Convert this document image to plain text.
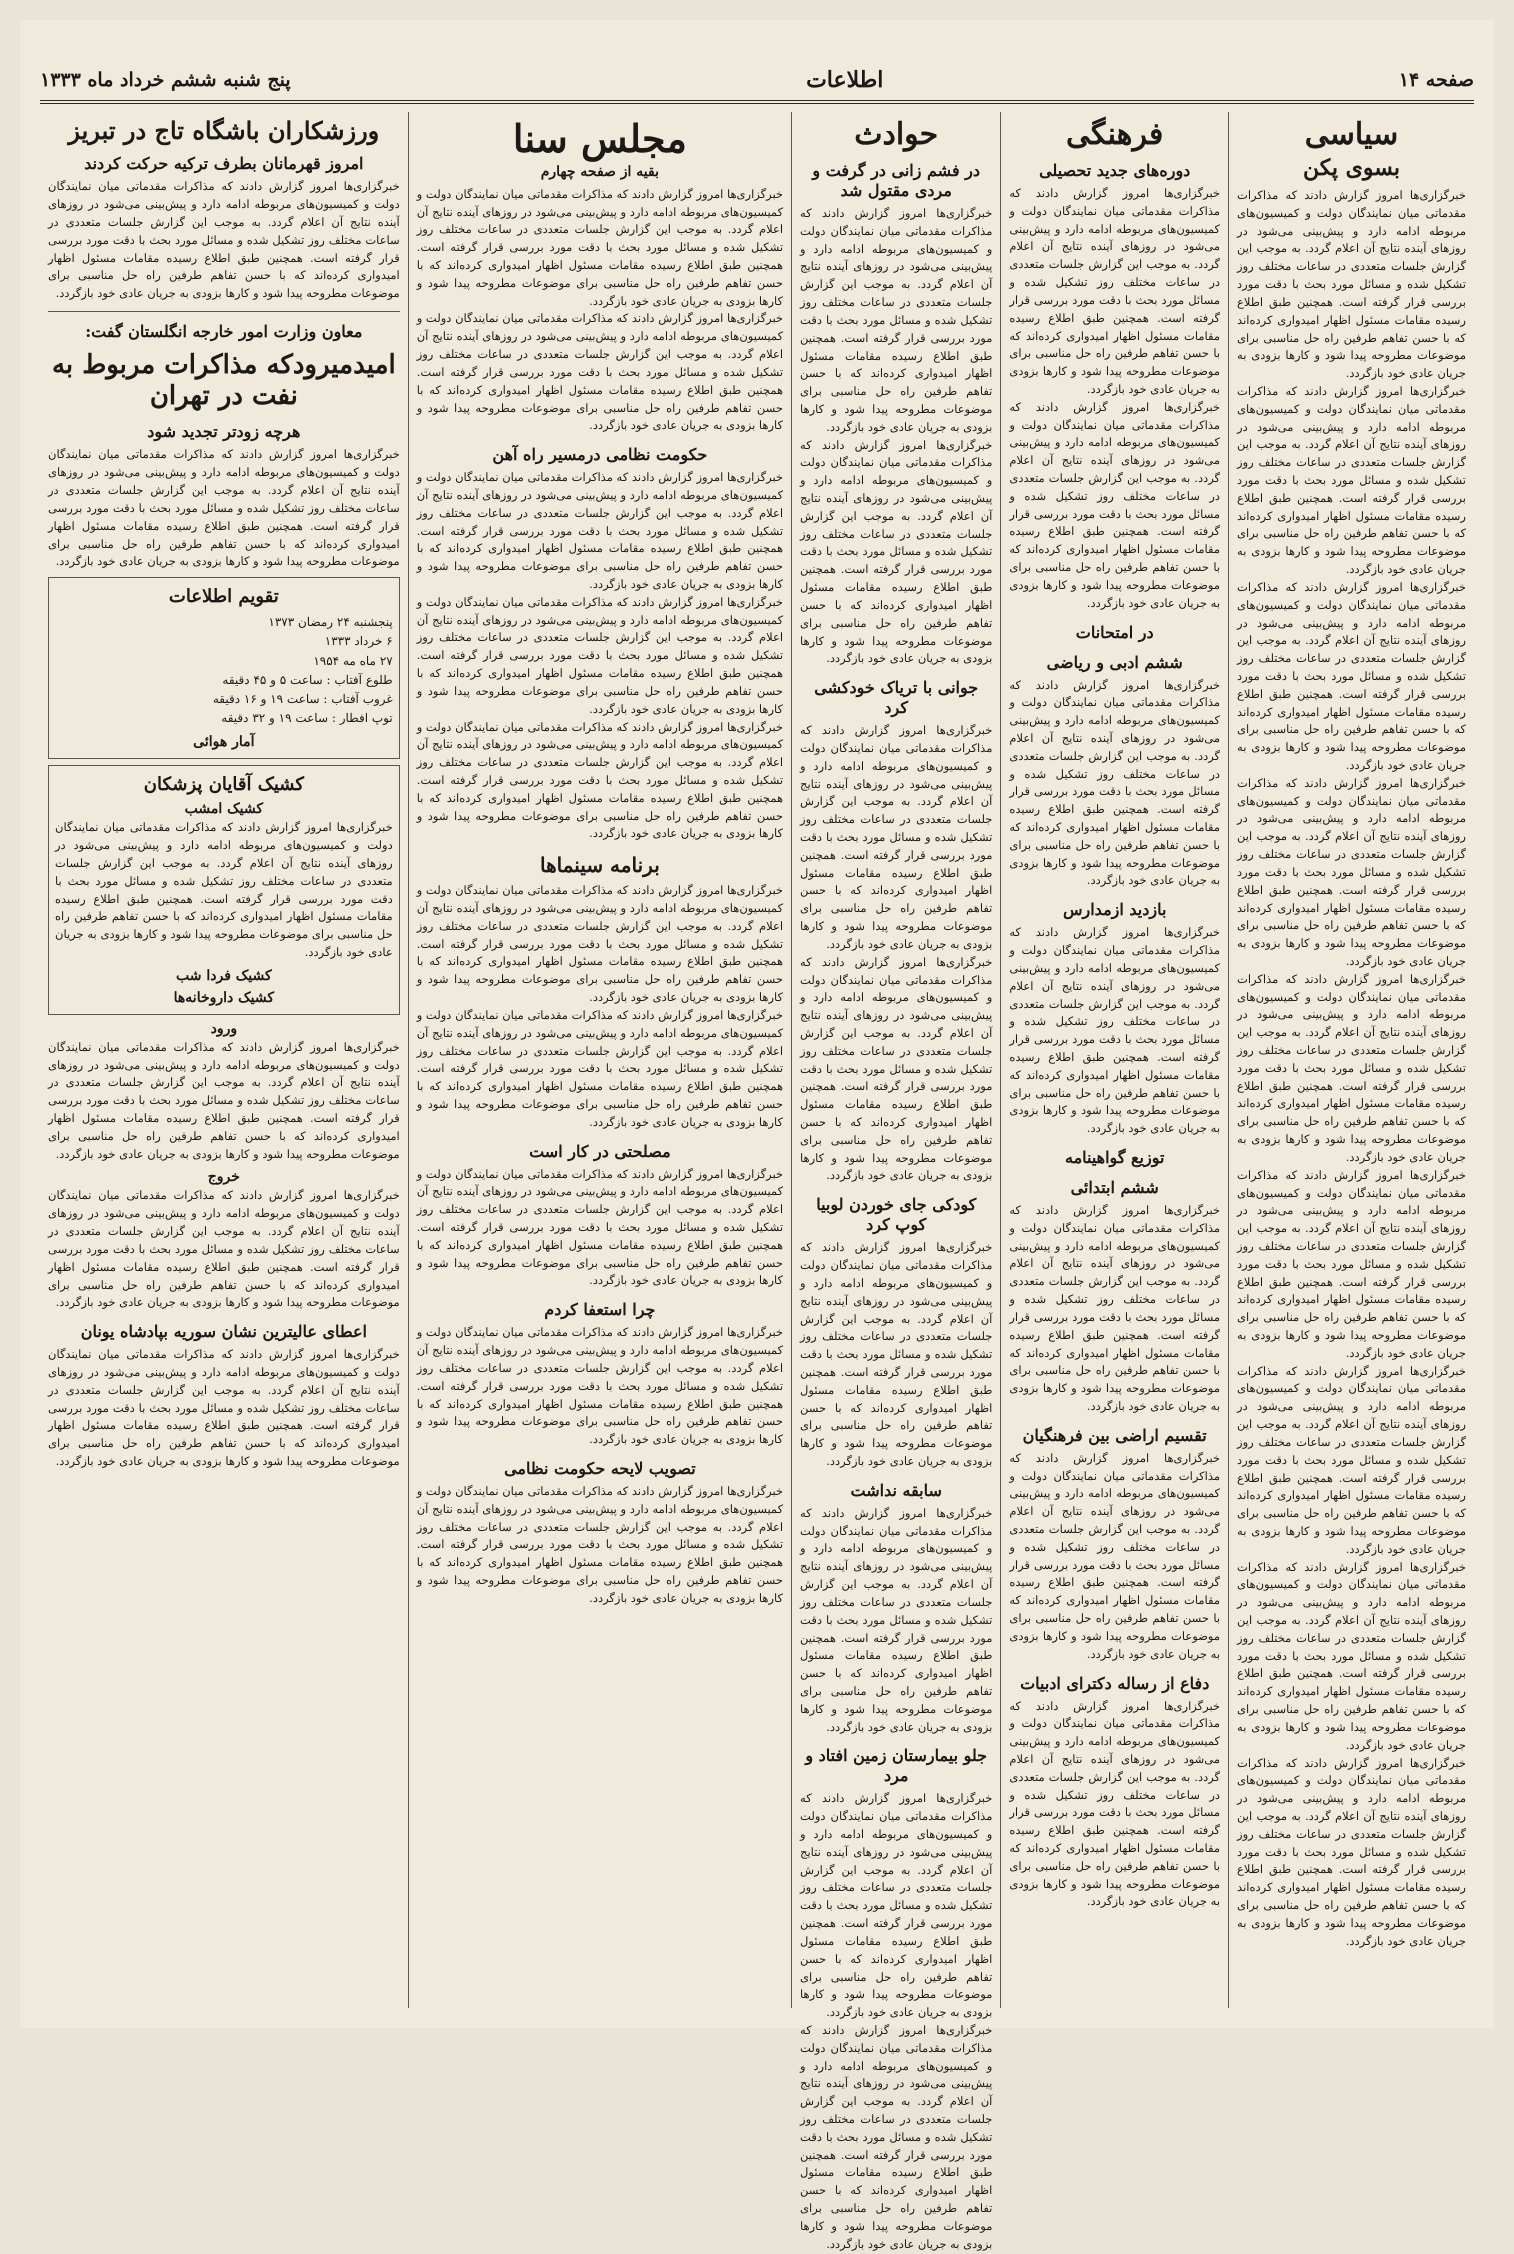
صفحه ۱۴
اطلاعات
پنج شنبه ششم خرداد ماه ۱۳۳۳
سیاسی
بسوی پکن
خبرگزاری‌ها امروز گزارش دادند که مذاکرات مقدماتی میان نمایندگان دولت و کمیسیون‌های مربوطه ادامه دارد و پیش‌بینی می‌شود در روزهای آینده نتایج آن اعلام گردد. به موجب این گزارش جلسات متعددی در ساعات مختلف روز تشکیل شده و مسائل مورد بحث با دقت مورد بررسی قرار گرفته است. همچنین طبق اطلاع رسیده مقامات مسئول اظهار امیدواری کرده‌اند که با حسن تفاهم طرفین راه حل مناسبی برای موضوعات مطروحه پیدا شود و کارها بزودی به جریان عادی خود بازگردد.
خبرگزاری‌ها امروز گزارش دادند که مذاکرات مقدماتی میان نمایندگان دولت و کمیسیون‌های مربوطه ادامه دارد و پیش‌بینی می‌شود در روزهای آینده نتایج آن اعلام گردد. به موجب این گزارش جلسات متعددی در ساعات مختلف روز تشکیل شده و مسائل مورد بحث با دقت مورد بررسی قرار گرفته است. همچنین طبق اطلاع رسیده مقامات مسئول اظهار امیدواری کرده‌اند که با حسن تفاهم طرفین راه حل مناسبی برای موضوعات مطروحه پیدا شود و کارها بزودی به جریان عادی خود بازگردد.
خبرگزاری‌ها امروز گزارش دادند که مذاکرات مقدماتی میان نمایندگان دولت و کمیسیون‌های مربوطه ادامه دارد و پیش‌بینی می‌شود در روزهای آینده نتایج آن اعلام گردد. به موجب این گزارش جلسات متعددی در ساعات مختلف روز تشکیل شده و مسائل مورد بحث با دقت مورد بررسی قرار گرفته است. همچنین طبق اطلاع رسیده مقامات مسئول اظهار امیدواری کرده‌اند که با حسن تفاهم طرفین راه حل مناسبی برای موضوعات مطروحه پیدا شود و کارها بزودی به جریان عادی خود بازگردد.
خبرگزاری‌ها امروز گزارش دادند که مذاکرات مقدماتی میان نمایندگان دولت و کمیسیون‌های مربوطه ادامه دارد و پیش‌بینی می‌شود در روزهای آینده نتایج آن اعلام گردد. به موجب این گزارش جلسات متعددی در ساعات مختلف روز تشکیل شده و مسائل مورد بحث با دقت مورد بررسی قرار گرفته است. همچنین طبق اطلاع رسیده مقامات مسئول اظهار امیدواری کرده‌اند که با حسن تفاهم طرفین راه حل مناسبی برای موضوعات مطروحه پیدا شود و کارها بزودی به جریان عادی خود بازگردد.
خبرگزاری‌ها امروز گزارش دادند که مذاکرات مقدماتی میان نمایندگان دولت و کمیسیون‌های مربوطه ادامه دارد و پیش‌بینی می‌شود در روزهای آینده نتایج آن اعلام گردد. به موجب این گزارش جلسات متعددی در ساعات مختلف روز تشکیل شده و مسائل مورد بحث با دقت مورد بررسی قرار گرفته است. همچنین طبق اطلاع رسیده مقامات مسئول اظهار امیدواری کرده‌اند که با حسن تفاهم طرفین راه حل مناسبی برای موضوعات مطروحه پیدا شود و کارها بزودی به جریان عادی خود بازگردد.
خبرگزاری‌ها امروز گزارش دادند که مذاکرات مقدماتی میان نمایندگان دولت و کمیسیون‌های مربوطه ادامه دارد و پیش‌بینی می‌شود در روزهای آینده نتایج آن اعلام گردد. به موجب این گزارش جلسات متعددی در ساعات مختلف روز تشکیل شده و مسائل مورد بحث با دقت مورد بررسی قرار گرفته است. همچنین طبق اطلاع رسیده مقامات مسئول اظهار امیدواری کرده‌اند که با حسن تفاهم طرفین راه حل مناسبی برای موضوعات مطروحه پیدا شود و کارها بزودی به جریان عادی خود بازگردد.
خبرگزاری‌ها امروز گزارش دادند که مذاکرات مقدماتی میان نمایندگان دولت و کمیسیون‌های مربوطه ادامه دارد و پیش‌بینی می‌شود در روزهای آینده نتایج آن اعلام گردد. به موجب این گزارش جلسات متعددی در ساعات مختلف روز تشکیل شده و مسائل مورد بحث با دقت مورد بررسی قرار گرفته است. همچنین طبق اطلاع رسیده مقامات مسئول اظهار امیدواری کرده‌اند که با حسن تفاهم طرفین راه حل مناسبی برای موضوعات مطروحه پیدا شود و کارها بزودی به جریان عادی خود بازگردد.
خبرگزاری‌ها امروز گزارش دادند که مذاکرات مقدماتی میان نمایندگان دولت و کمیسیون‌های مربوطه ادامه دارد و پیش‌بینی می‌شود در روزهای آینده نتایج آن اعلام گردد. به موجب این گزارش جلسات متعددی در ساعات مختلف روز تشکیل شده و مسائل مورد بحث با دقت مورد بررسی قرار گرفته است. همچنین طبق اطلاع رسیده مقامات مسئول اظهار امیدواری کرده‌اند که با حسن تفاهم طرفین راه حل مناسبی برای موضوعات مطروحه پیدا شود و کارها بزودی به جریان عادی خود بازگردد.
خبرگزاری‌ها امروز گزارش دادند که مذاکرات مقدماتی میان نمایندگان دولت و کمیسیون‌های مربوطه ادامه دارد و پیش‌بینی می‌شود در روزهای آینده نتایج آن اعلام گردد. به موجب این گزارش جلسات متعددی در ساعات مختلف روز تشکیل شده و مسائل مورد بحث با دقت مورد بررسی قرار گرفته است. همچنین طبق اطلاع رسیده مقامات مسئول اظهار امیدواری کرده‌اند که با حسن تفاهم طرفین راه حل مناسبی برای موضوعات مطروحه پیدا شود و کارها بزودی به جریان عادی خود بازگردد.
فرهنگی
دوره‌های جدید تحصیلی
خبرگزاری‌ها امروز گزارش دادند که مذاکرات مقدماتی میان نمایندگان دولت و کمیسیون‌های مربوطه ادامه دارد و پیش‌بینی می‌شود در روزهای آینده نتایج آن اعلام گردد. به موجب این گزارش جلسات متعددی در ساعات مختلف روز تشکیل شده و مسائل مورد بحث با دقت مورد بررسی قرار گرفته است. همچنین طبق اطلاع رسیده مقامات مسئول اظهار امیدواری کرده‌اند که با حسن تفاهم طرفین راه حل مناسبی برای موضوعات مطروحه پیدا شود و کارها بزودی به جریان عادی خود بازگردد.
خبرگزاری‌ها امروز گزارش دادند که مذاکرات مقدماتی میان نمایندگان دولت و کمیسیون‌های مربوطه ادامه دارد و پیش‌بینی می‌شود در روزهای آینده نتایج آن اعلام گردد. به موجب این گزارش جلسات متعددی در ساعات مختلف روز تشکیل شده و مسائل مورد بحث با دقت مورد بررسی قرار گرفته است. همچنین طبق اطلاع رسیده مقامات مسئول اظهار امیدواری کرده‌اند که با حسن تفاهم طرفین راه حل مناسبی برای موضوعات مطروحه پیدا شود و کارها بزودی به جریان عادی خود بازگردد.
در امتحانات
ششم ادبی و ریاضی
خبرگزاری‌ها امروز گزارش دادند که مذاکرات مقدماتی میان نمایندگان دولت و کمیسیون‌های مربوطه ادامه دارد و پیش‌بینی می‌شود در روزهای آینده نتایج آن اعلام گردد. به موجب این گزارش جلسات متعددی در ساعات مختلف روز تشکیل شده و مسائل مورد بحث با دقت مورد بررسی قرار گرفته است. همچنین طبق اطلاع رسیده مقامات مسئول اظهار امیدواری کرده‌اند که با حسن تفاهم طرفین راه حل مناسبی برای موضوعات مطروحه پیدا شود و کارها بزودی به جریان عادی خود بازگردد.
بازدید ازمدارس
خبرگزاری‌ها امروز گزارش دادند که مذاکرات مقدماتی میان نمایندگان دولت و کمیسیون‌های مربوطه ادامه دارد و پیش‌بینی می‌شود در روزهای آینده نتایج آن اعلام گردد. به موجب این گزارش جلسات متعددی در ساعات مختلف روز تشکیل شده و مسائل مورد بحث با دقت مورد بررسی قرار گرفته است. همچنین طبق اطلاع رسیده مقامات مسئول اظهار امیدواری کرده‌اند که با حسن تفاهم طرفین راه حل مناسبی برای موضوعات مطروحه پیدا شود و کارها بزودی به جریان عادی خود بازگردد.
توزیع گواهینامه
ششم ابتدائی
خبرگزاری‌ها امروز گزارش دادند که مذاکرات مقدماتی میان نمایندگان دولت و کمیسیون‌های مربوطه ادامه دارد و پیش‌بینی می‌شود در روزهای آینده نتایج آن اعلام گردد. به موجب این گزارش جلسات متعددی در ساعات مختلف روز تشکیل شده و مسائل مورد بحث با دقت مورد بررسی قرار گرفته است. همچنین طبق اطلاع رسیده مقامات مسئول اظهار امیدواری کرده‌اند که با حسن تفاهم طرفین راه حل مناسبی برای موضوعات مطروحه پیدا شود و کارها بزودی به جریان عادی خود بازگردد.
تقسیم اراضی بین فرهنگیان
خبرگزاری‌ها امروز گزارش دادند که مذاکرات مقدماتی میان نمایندگان دولت و کمیسیون‌های مربوطه ادامه دارد و پیش‌بینی می‌شود در روزهای آینده نتایج آن اعلام گردد. به موجب این گزارش جلسات متعددی در ساعات مختلف روز تشکیل شده و مسائل مورد بحث با دقت مورد بررسی قرار گرفته است. همچنین طبق اطلاع رسیده مقامات مسئول اظهار امیدواری کرده‌اند که با حسن تفاهم طرفین راه حل مناسبی برای موضوعات مطروحه پیدا شود و کارها بزودی به جریان عادی خود بازگردد.
دفاع از رساله دکترای ادبیات
خبرگزاری‌ها امروز گزارش دادند که مذاکرات مقدماتی میان نمایندگان دولت و کمیسیون‌های مربوطه ادامه دارد و پیش‌بینی می‌شود در روزهای آینده نتایج آن اعلام گردد. به موجب این گزارش جلسات متعددی در ساعات مختلف روز تشکیل شده و مسائل مورد بحث با دقت مورد بررسی قرار گرفته است. همچنین طبق اطلاع رسیده مقامات مسئول اظهار امیدواری کرده‌اند که با حسن تفاهم طرفین راه حل مناسبی برای موضوعات مطروحه پیدا شود و کارها بزودی به جریان عادی خود بازگردد.
حوادث
در فشم زانی در گرفت و مردی مقتول شد
خبرگزاری‌ها امروز گزارش دادند که مذاکرات مقدماتی میان نمایندگان دولت و کمیسیون‌های مربوطه ادامه دارد و پیش‌بینی می‌شود در روزهای آینده نتایج آن اعلام گردد. به موجب این گزارش جلسات متعددی در ساعات مختلف روز تشکیل شده و مسائل مورد بحث با دقت مورد بررسی قرار گرفته است. همچنین طبق اطلاع رسیده مقامات مسئول اظهار امیدواری کرده‌اند که با حسن تفاهم طرفین راه حل مناسبی برای موضوعات مطروحه پیدا شود و کارها بزودی به جریان عادی خود بازگردد.
خبرگزاری‌ها امروز گزارش دادند که مذاکرات مقدماتی میان نمایندگان دولت و کمیسیون‌های مربوطه ادامه دارد و پیش‌بینی می‌شود در روزهای آینده نتایج آن اعلام گردد. به موجب این گزارش جلسات متعددی در ساعات مختلف روز تشکیل شده و مسائل مورد بحث با دقت مورد بررسی قرار گرفته است. همچنین طبق اطلاع رسیده مقامات مسئول اظهار امیدواری کرده‌اند که با حسن تفاهم طرفین راه حل مناسبی برای موضوعات مطروحه پیدا شود و کارها بزودی به جریان عادی خود بازگردد.
جوانی با تریاک خودکشی کرد
خبرگزاری‌ها امروز گزارش دادند که مذاکرات مقدماتی میان نمایندگان دولت و کمیسیون‌های مربوطه ادامه دارد و پیش‌بینی می‌شود در روزهای آینده نتایج آن اعلام گردد. به موجب این گزارش جلسات متعددی در ساعات مختلف روز تشکیل شده و مسائل مورد بحث با دقت مورد بررسی قرار گرفته است. همچنین طبق اطلاع رسیده مقامات مسئول اظهار امیدواری کرده‌اند که با حسن تفاهم طرفین راه حل مناسبی برای موضوعات مطروحه پیدا شود و کارها بزودی به جریان عادی خود بازگردد.
خبرگزاری‌ها امروز گزارش دادند که مذاکرات مقدماتی میان نمایندگان دولت و کمیسیون‌های مربوطه ادامه دارد و پیش‌بینی می‌شود در روزهای آینده نتایج آن اعلام گردد. به موجب این گزارش جلسات متعددی در ساعات مختلف روز تشکیل شده و مسائل مورد بحث با دقت مورد بررسی قرار گرفته است. همچنین طبق اطلاع رسیده مقامات مسئول اظهار امیدواری کرده‌اند که با حسن تفاهم طرفین راه حل مناسبی برای موضوعات مطروحه پیدا شود و کارها بزودی به جریان عادی خود بازگردد.
کودکی جای خوردن لوبیا کوپ کرد
خبرگزاری‌ها امروز گزارش دادند که مذاکرات مقدماتی میان نمایندگان دولت و کمیسیون‌های مربوطه ادامه دارد و پیش‌بینی می‌شود در روزهای آینده نتایج آن اعلام گردد. به موجب این گزارش جلسات متعددی در ساعات مختلف روز تشکیل شده و مسائل مورد بحث با دقت مورد بررسی قرار گرفته است. همچنین طبق اطلاع رسیده مقامات مسئول اظهار امیدواری کرده‌اند که با حسن تفاهم طرفین راه حل مناسبی برای موضوعات مطروحه پیدا شود و کارها بزودی به جریان عادی خود بازگردد.
سابقه نداشت
خبرگزاری‌ها امروز گزارش دادند که مذاکرات مقدماتی میان نمایندگان دولت و کمیسیون‌های مربوطه ادامه دارد و پیش‌بینی می‌شود در روزهای آینده نتایج آن اعلام گردد. به موجب این گزارش جلسات متعددی در ساعات مختلف روز تشکیل شده و مسائل مورد بحث با دقت مورد بررسی قرار گرفته است. همچنین طبق اطلاع رسیده مقامات مسئول اظهار امیدواری کرده‌اند که با حسن تفاهم طرفین راه حل مناسبی برای موضوعات مطروحه پیدا شود و کارها بزودی به جریان عادی خود بازگردد.
جلو بیمارستان زمین افتاد و مرد
خبرگزاری‌ها امروز گزارش دادند که مذاکرات مقدماتی میان نمایندگان دولت و کمیسیون‌های مربوطه ادامه دارد و پیش‌بینی می‌شود در روزهای آینده نتایج آن اعلام گردد. به موجب این گزارش جلسات متعددی در ساعات مختلف روز تشکیل شده و مسائل مورد بحث با دقت مورد بررسی قرار گرفته است. همچنین طبق اطلاع رسیده مقامات مسئول اظهار امیدواری کرده‌اند که با حسن تفاهم طرفین راه حل مناسبی برای موضوعات مطروحه پیدا شود و کارها بزودی به جریان عادی خود بازگردد.
خبرگزاری‌ها امروز گزارش دادند که مذاکرات مقدماتی میان نمایندگان دولت و کمیسیون‌های مربوطه ادامه دارد و پیش‌بینی می‌شود در روزهای آینده نتایج آن اعلام گردد. به موجب این گزارش جلسات متعددی در ساعات مختلف روز تشکیل شده و مسائل مورد بحث با دقت مورد بررسی قرار گرفته است. همچنین طبق اطلاع رسیده مقامات مسئول اظهار امیدواری کرده‌اند که با حسن تفاهم طرفین راه حل مناسبی برای موضوعات مطروحه پیدا شود و کارها بزودی به جریان عادی خود بازگردد.
مجلس سنا
بقیه از صفحه چهارم
خبرگزاری‌ها امروز گزارش دادند که مذاکرات مقدماتی میان نمایندگان دولت و کمیسیون‌های مربوطه ادامه دارد و پیش‌بینی می‌شود در روزهای آینده نتایج آن اعلام گردد. به موجب این گزارش جلسات متعددی در ساعات مختلف روز تشکیل شده و مسائل مورد بحث با دقت مورد بررسی قرار گرفته است. همچنین طبق اطلاع رسیده مقامات مسئول اظهار امیدواری کرده‌اند که با حسن تفاهم طرفین راه حل مناسبی برای موضوعات مطروحه پیدا شود و کارها بزودی به جریان عادی خود بازگردد.
خبرگزاری‌ها امروز گزارش دادند که مذاکرات مقدماتی میان نمایندگان دولت و کمیسیون‌های مربوطه ادامه دارد و پیش‌بینی می‌شود در روزهای آینده نتایج آن اعلام گردد. به موجب این گزارش جلسات متعددی در ساعات مختلف روز تشکیل شده و مسائل مورد بحث با دقت مورد بررسی قرار گرفته است. همچنین طبق اطلاع رسیده مقامات مسئول اظهار امیدواری کرده‌اند که با حسن تفاهم طرفین راه حل مناسبی برای موضوعات مطروحه پیدا شود و کارها بزودی به جریان عادی خود بازگردد.
حکومت نظامی درمسیر راه آهن
خبرگزاری‌ها امروز گزارش دادند که مذاکرات مقدماتی میان نمایندگان دولت و کمیسیون‌های مربوطه ادامه دارد و پیش‌بینی می‌شود در روزهای آینده نتایج آن اعلام گردد. به موجب این گزارش جلسات متعددی در ساعات مختلف روز تشکیل شده و مسائل مورد بحث با دقت مورد بررسی قرار گرفته است. همچنین طبق اطلاع رسیده مقامات مسئول اظهار امیدواری کرده‌اند که با حسن تفاهم طرفین راه حل مناسبی برای موضوعات مطروحه پیدا شود و کارها بزودی به جریان عادی خود بازگردد.
خبرگزاری‌ها امروز گزارش دادند که مذاکرات مقدماتی میان نمایندگان دولت و کمیسیون‌های مربوطه ادامه دارد و پیش‌بینی می‌شود در روزهای آینده نتایج آن اعلام گردد. به موجب این گزارش جلسات متعددی در ساعات مختلف روز تشکیل شده و مسائل مورد بحث با دقت مورد بررسی قرار گرفته است. همچنین طبق اطلاع رسیده مقامات مسئول اظهار امیدواری کرده‌اند که با حسن تفاهم طرفین راه حل مناسبی برای موضوعات مطروحه پیدا شود و کارها بزودی به جریان عادی خود بازگردد.
خبرگزاری‌ها امروز گزارش دادند که مذاکرات مقدماتی میان نمایندگان دولت و کمیسیون‌های مربوطه ادامه دارد و پیش‌بینی می‌شود در روزهای آینده نتایج آن اعلام گردد. به موجب این گزارش جلسات متعددی در ساعات مختلف روز تشکیل شده و مسائل مورد بحث با دقت مورد بررسی قرار گرفته است. همچنین طبق اطلاع رسیده مقامات مسئول اظهار امیدواری کرده‌اند که با حسن تفاهم طرفین راه حل مناسبی برای موضوعات مطروحه پیدا شود و کارها بزودی به جریان عادی خود بازگردد.
برنامه سینماها
خبرگزاری‌ها امروز گزارش دادند که مذاکرات مقدماتی میان نمایندگان دولت و کمیسیون‌های مربوطه ادامه دارد و پیش‌بینی می‌شود در روزهای آینده نتایج آن اعلام گردد. به موجب این گزارش جلسات متعددی در ساعات مختلف روز تشکیل شده و مسائل مورد بحث با دقت مورد بررسی قرار گرفته است. همچنین طبق اطلاع رسیده مقامات مسئول اظهار امیدواری کرده‌اند که با حسن تفاهم طرفین راه حل مناسبی برای موضوعات مطروحه پیدا شود و کارها بزودی به جریان عادی خود بازگردد.
خبرگزاری‌ها امروز گزارش دادند که مذاکرات مقدماتی میان نمایندگان دولت و کمیسیون‌های مربوطه ادامه دارد و پیش‌بینی می‌شود در روزهای آینده نتایج آن اعلام گردد. به موجب این گزارش جلسات متعددی در ساعات مختلف روز تشکیل شده و مسائل مورد بحث با دقت مورد بررسی قرار گرفته است. همچنین طبق اطلاع رسیده مقامات مسئول اظهار امیدواری کرده‌اند که با حسن تفاهم طرفین راه حل مناسبی برای موضوعات مطروحه پیدا شود و کارها بزودی به جریان عادی خود بازگردد.
مصلحتی در کار است
خبرگزاری‌ها امروز گزارش دادند که مذاکرات مقدماتی میان نمایندگان دولت و کمیسیون‌های مربوطه ادامه دارد و پیش‌بینی می‌شود در روزهای آینده نتایج آن اعلام گردد. به موجب این گزارش جلسات متعددی در ساعات مختلف روز تشکیل شده و مسائل مورد بحث با دقت مورد بررسی قرار گرفته است. همچنین طبق اطلاع رسیده مقامات مسئول اظهار امیدواری کرده‌اند که با حسن تفاهم طرفین راه حل مناسبی برای موضوعات مطروحه پیدا شود و کارها بزودی به جریان عادی خود بازگردد.
چرا استعفا کردم
خبرگزاری‌ها امروز گزارش دادند که مذاکرات مقدماتی میان نمایندگان دولت و کمیسیون‌های مربوطه ادامه دارد و پیش‌بینی می‌شود در روزهای آینده نتایج آن اعلام گردد. به موجب این گزارش جلسات متعددی در ساعات مختلف روز تشکیل شده و مسائل مورد بحث با دقت مورد بررسی قرار گرفته است. همچنین طبق اطلاع رسیده مقامات مسئول اظهار امیدواری کرده‌اند که با حسن تفاهم طرفین راه حل مناسبی برای موضوعات مطروحه پیدا شود و کارها بزودی به جریان عادی خود بازگردد.
تصویب لایحه حکومت نظامی
خبرگزاری‌ها امروز گزارش دادند که مذاکرات مقدماتی میان نمایندگان دولت و کمیسیون‌های مربوطه ادامه دارد و پیش‌بینی می‌شود در روزهای آینده نتایج آن اعلام گردد. به موجب این گزارش جلسات متعددی در ساعات مختلف روز تشکیل شده و مسائل مورد بحث با دقت مورد بررسی قرار گرفته است. همچنین طبق اطلاع رسیده مقامات مسئول اظهار امیدواری کرده‌اند که با حسن تفاهم طرفین راه حل مناسبی برای موضوعات مطروحه پیدا شود و کارها بزودی به جریان عادی خود بازگردد.
ورزشکاران باشگاه تاج در تبریز
امروز قهرمانان بطرف ترکیه حرکت کردند
خبرگزاری‌ها امروز گزارش دادند که مذاکرات مقدماتی میان نمایندگان دولت و کمیسیون‌های مربوطه ادامه دارد و پیش‌بینی می‌شود در روزهای آینده نتایج آن اعلام گردد. به موجب این گزارش جلسات متعددی در ساعات مختلف روز تشکیل شده و مسائل مورد بحث با دقت مورد بررسی قرار گرفته است. همچنین طبق اطلاع رسیده مقامات مسئول اظهار امیدواری کرده‌اند که با حسن تفاهم طرفین راه حل مناسبی برای موضوعات مطروحه پیدا شود و کارها بزودی به جریان عادی خود بازگردد.
معاون وزارت امور خارجه انگلستان گفت:
امیدمیرودکه مذاکرات مربوط به نفت در تهران
هرچه زودتر تجدید شود
خبرگزاری‌ها امروز گزارش دادند که مذاکرات مقدماتی میان نمایندگان دولت و کمیسیون‌های مربوطه ادامه دارد و پیش‌بینی می‌شود در روزهای آینده نتایج آن اعلام گردد. به موجب این گزارش جلسات متعددی در ساعات مختلف روز تشکیل شده و مسائل مورد بحث با دقت مورد بررسی قرار گرفته است. همچنین طبق اطلاع رسیده مقامات مسئول اظهار امیدواری کرده‌اند که با حسن تفاهم طرفین راه حل مناسبی برای موضوعات مطروحه پیدا شود و کارها بزودی به جریان عادی خود بازگردد.
تقویم اطلاعات
پنجشنبه ۲۴ رمضان ۱۳۷۳
۶ خرداد ۱۳۳۳
۲۷ ماه مه ۱۹۵۴
طلوع آفتاب : ساعت ۵ و ۴۵ دقیقه
غروب آفتاب : ساعت ۱۹ و ۱۶ دقیقه
توپ افطار : ساعت ۱۹ و ۳۲ دقیقه
آمار هوائی
کشیک آقایان پزشکان
کشیک امشب
خبرگزاری‌ها امروز گزارش دادند که مذاکرات مقدماتی میان نمایندگان دولت و کمیسیون‌های مربوطه ادامه دارد و پیش‌بینی می‌شود در روزهای آینده نتایج آن اعلام گردد. به موجب این گزارش جلسات متعددی در ساعات مختلف روز تشکیل شده و مسائل مورد بحث با دقت مورد بررسی قرار گرفته است. همچنین طبق اطلاع رسیده مقامات مسئول اظهار امیدواری کرده‌اند که با حسن تفاهم طرفین راه حل مناسبی برای موضوعات مطروحه پیدا شود و کارها بزودی به جریان عادی خود بازگردد.
کشیک فردا شب
کشیک داروخانه‌ها
ورود
خبرگزاری‌ها امروز گزارش دادند که مذاکرات مقدماتی میان نمایندگان دولت و کمیسیون‌های مربوطه ادامه دارد و پیش‌بینی می‌شود در روزهای آینده نتایج آن اعلام گردد. به موجب این گزارش جلسات متعددی در ساعات مختلف روز تشکیل شده و مسائل مورد بحث با دقت مورد بررسی قرار گرفته است. همچنین طبق اطلاع رسیده مقامات مسئول اظهار امیدواری کرده‌اند که با حسن تفاهم طرفین راه حل مناسبی برای موضوعات مطروحه پیدا شود و کارها بزودی به جریان عادی خود بازگردد.
خروج
خبرگزاری‌ها امروز گزارش دادند که مذاکرات مقدماتی میان نمایندگان دولت و کمیسیون‌های مربوطه ادامه دارد و پیش‌بینی می‌شود در روزهای آینده نتایج آن اعلام گردد. به موجب این گزارش جلسات متعددی در ساعات مختلف روز تشکیل شده و مسائل مورد بحث با دقت مورد بررسی قرار گرفته است. همچنین طبق اطلاع رسیده مقامات مسئول اظهار امیدواری کرده‌اند که با حسن تفاهم طرفین راه حل مناسبی برای موضوعات مطروحه پیدا شود و کارها بزودی به جریان عادی خود بازگردد.
اعطای عالیترین نشان سوریه بپادشاه یونان
خبرگزاری‌ها امروز گزارش دادند که مذاکرات مقدماتی میان نمایندگان دولت و کمیسیون‌های مربوطه ادامه دارد و پیش‌بینی می‌شود در روزهای آینده نتایج آن اعلام گردد. به موجب این گزارش جلسات متعددی در ساعات مختلف روز تشکیل شده و مسائل مورد بحث با دقت مورد بررسی قرار گرفته است. همچنین طبق اطلاع رسیده مقامات مسئول اظهار امیدواری کرده‌اند که با حسن تفاهم طرفین راه حل مناسبی برای موضوعات مطروحه پیدا شود و کارها بزودی به جریان عادی خود بازگردد.
